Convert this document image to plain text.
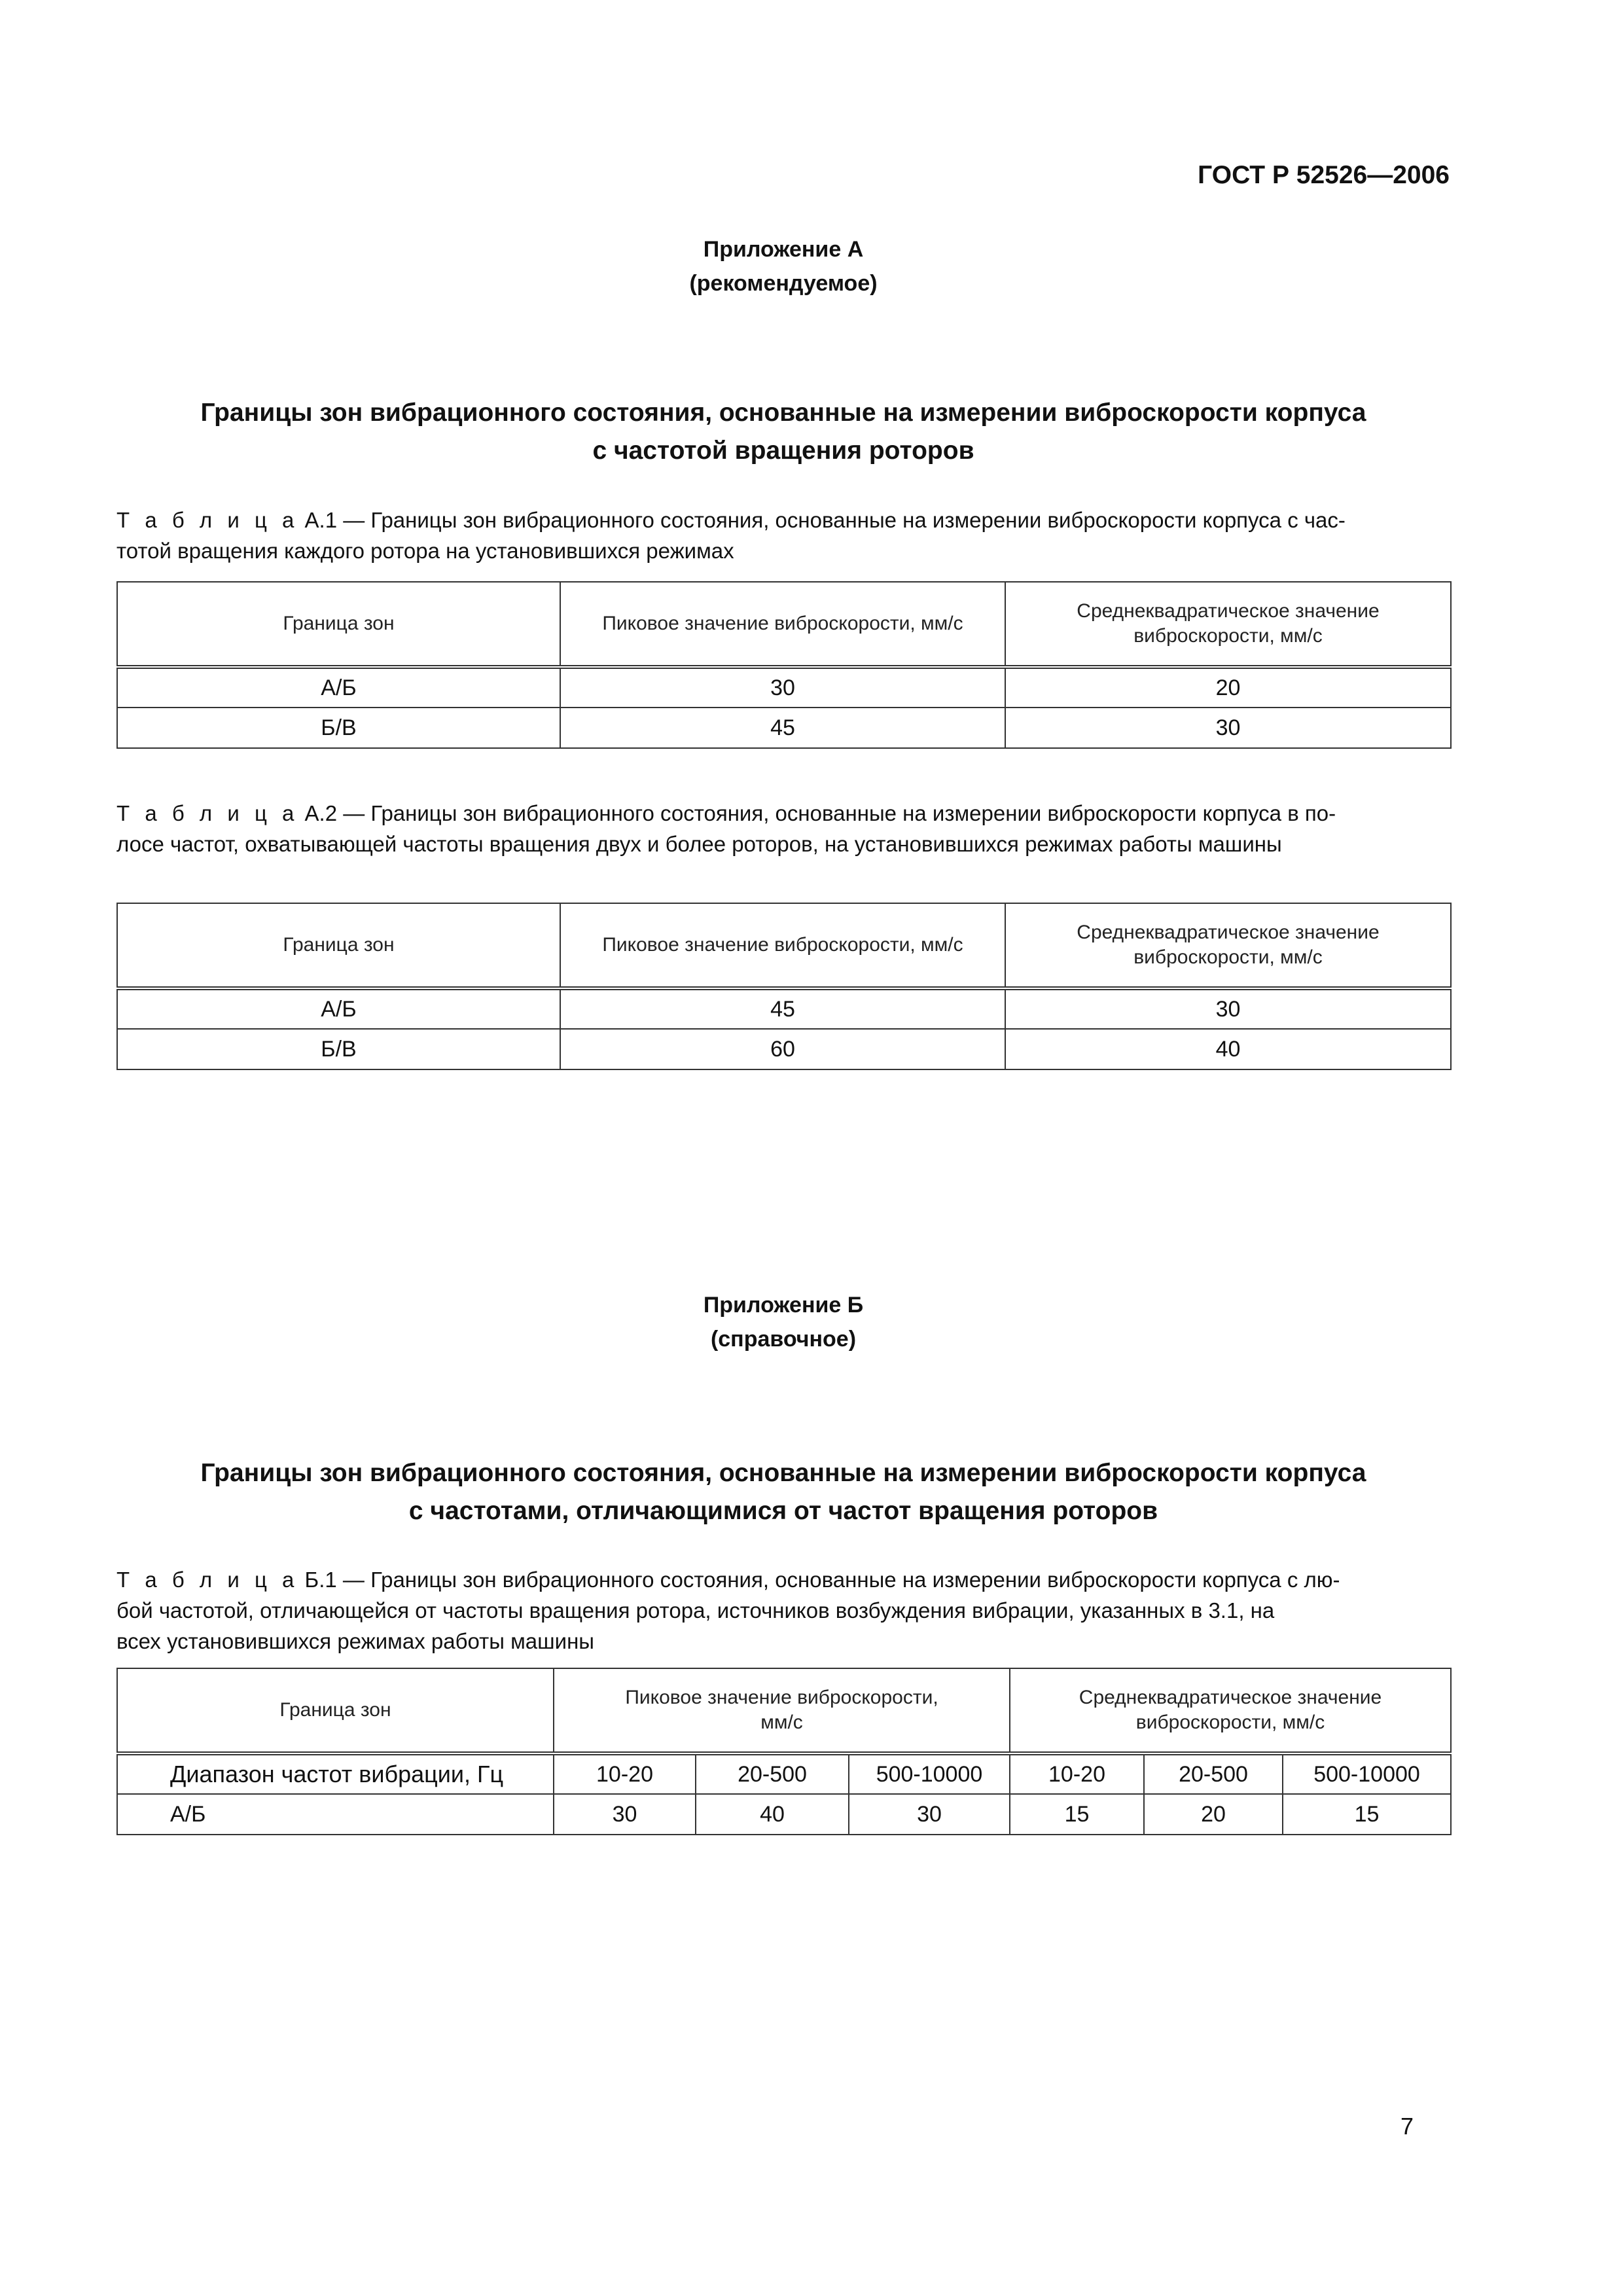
ГОСТ Р 52526—2006
Приложение А
(рекомендуемое)
Границы зон вибрационного состояния, основанные на измерении виброскорости корпуса
с частотой вращения роторов
Т а б л и ц а А.1 — Границы зон вибрационного состояния, основанные на измерении виброскорости корпуса с час-
тотой вращения каждого ротора на установившихся режимах
Граница зон	Пиковое значение виброскорости, мм/с	Среднеквадратическое значение виброскорости, мм/с
А/Б	30	20
Б/В	45	30
Т а б л и ц а А.2 — Границы зон вибрационного состояния, основанные на измерении виброскорости корпуса в по-
лосе частот, охватывающей частоты вращения двух и более роторов, на установившихся режимах работы машины
Граница зон	Пиковое значение виброскорости, мм/с	Среднеквадратическое значение виброскорости, мм/с
А/Б	45	30
Б/В	60	40
Приложение Б
(справочное)
Границы зон вибрационного состояния, основанные на измерении виброскорости корпуса
с частотами, отличающимися от частот вращения роторов
Т а б л и ц а Б.1 — Границы зон вибрационного состояния, основанные на измерении виброскорости корпуса с лю-
бой частотой, отличающейся от частоты вращения ротора, источников возбуждения вибрации, указанных в 3.1, на
всех установившихся режимах работы машины
Граница зон	Пиковое значение виброскорости, мм/с			Среднеквадратическое значение виброскорости, мм/с		
Диапазон частот вибрации, Гц	10-20	20-500	500-10000	10-20	20-500	500-10000
А/Б	30	40	30	15	20	15
7
